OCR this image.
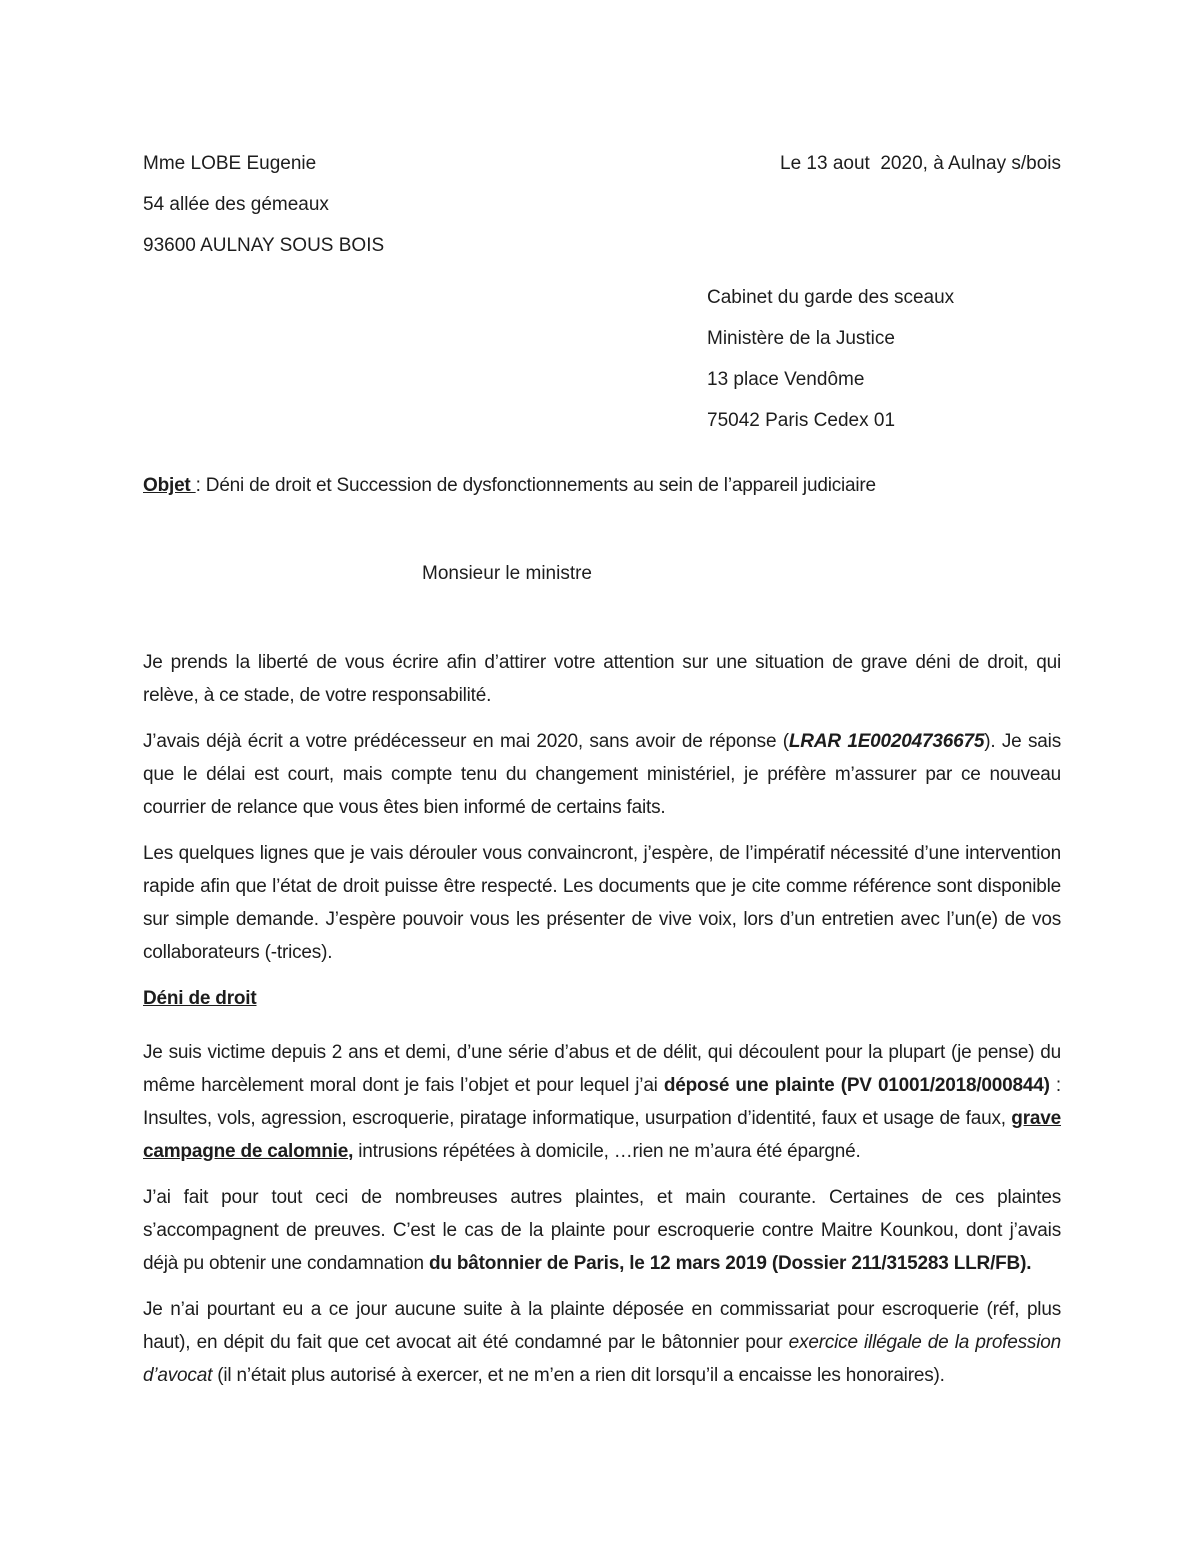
Mme LOBE Eugenie	Le 13 aout  2020, à Aulnay s/bois
54 allée des gémeaux
93600 AULNAY SOUS BOIS
Cabinet du garde des sceaux
Ministère de la Justice
13 place Vendôme
75042 Paris Cedex 01
Objet : Déni de droit et Succession de dysfonctionnements au sein de l’appareil judiciaire
Monsieur le ministre

Je prends la liberté de vous écrire afin d’attirer votre attention sur une situation de grave déni de droit, qui relève, à ce stade, de votre responsabilité.

J’avais déjà écrit a votre prédécesseur en mai 2020, sans avoir de réponse (LRAR 1E00204736675). Je sais que le délai est court, mais compte tenu du changement ministériel, je préfère m’assurer par ce nouveau courrier de relance que vous êtes bien informé de certains faits.

Les quelques lignes que je vais dérouler vous convaincront, j’espère, de l’impératif nécessité d’une intervention rapide afin que l’état de droit puisse être respecté. Les documents que je cite comme référence sont disponible sur simple demande. J’espère pouvoir vous les présenter de vive voix, lors d’un entretien avec l’un(e) de vos collaborateurs (-trices).

Déni de droit

Je suis victime depuis 2 ans et demi, d’une série d’abus et de délit, qui découlent pour la plupart (je pense) du même harcèlement moral dont je fais l’objet et pour lequel j’ai déposé une plainte (PV 01001/2018/000844) : Insultes, vols, agression, escroquerie, piratage informatique, usurpation d’identité, faux et usage de faux, grave campagne de calomnie, intrusions répétées à domicile, …rien ne m’aura été épargné.

J’ai fait pour tout ceci de nombreuses autres plaintes, et main courante. Certaines de ces plaintes s’accompagnent de preuves. C’est le cas de la plainte pour escroquerie contre Maitre Kounkou, dont j’avais déjà pu obtenir une condamnation du bâtonnier de Paris, le 12 mars 2019 (Dossier 211/315283 LLR/FB).

Je n’ai pourtant eu a ce jour aucune suite à la plainte déposée en commissariat pour escroquerie (réf, plus haut), en dépit du fait que cet avocat ait été condamné par le bâtonnier pour exercice illégale de la profession d’avocat (il n’était plus autorisé à exercer, et ne m’en a rien dit lorsqu’il a encaisse les honoraires).
